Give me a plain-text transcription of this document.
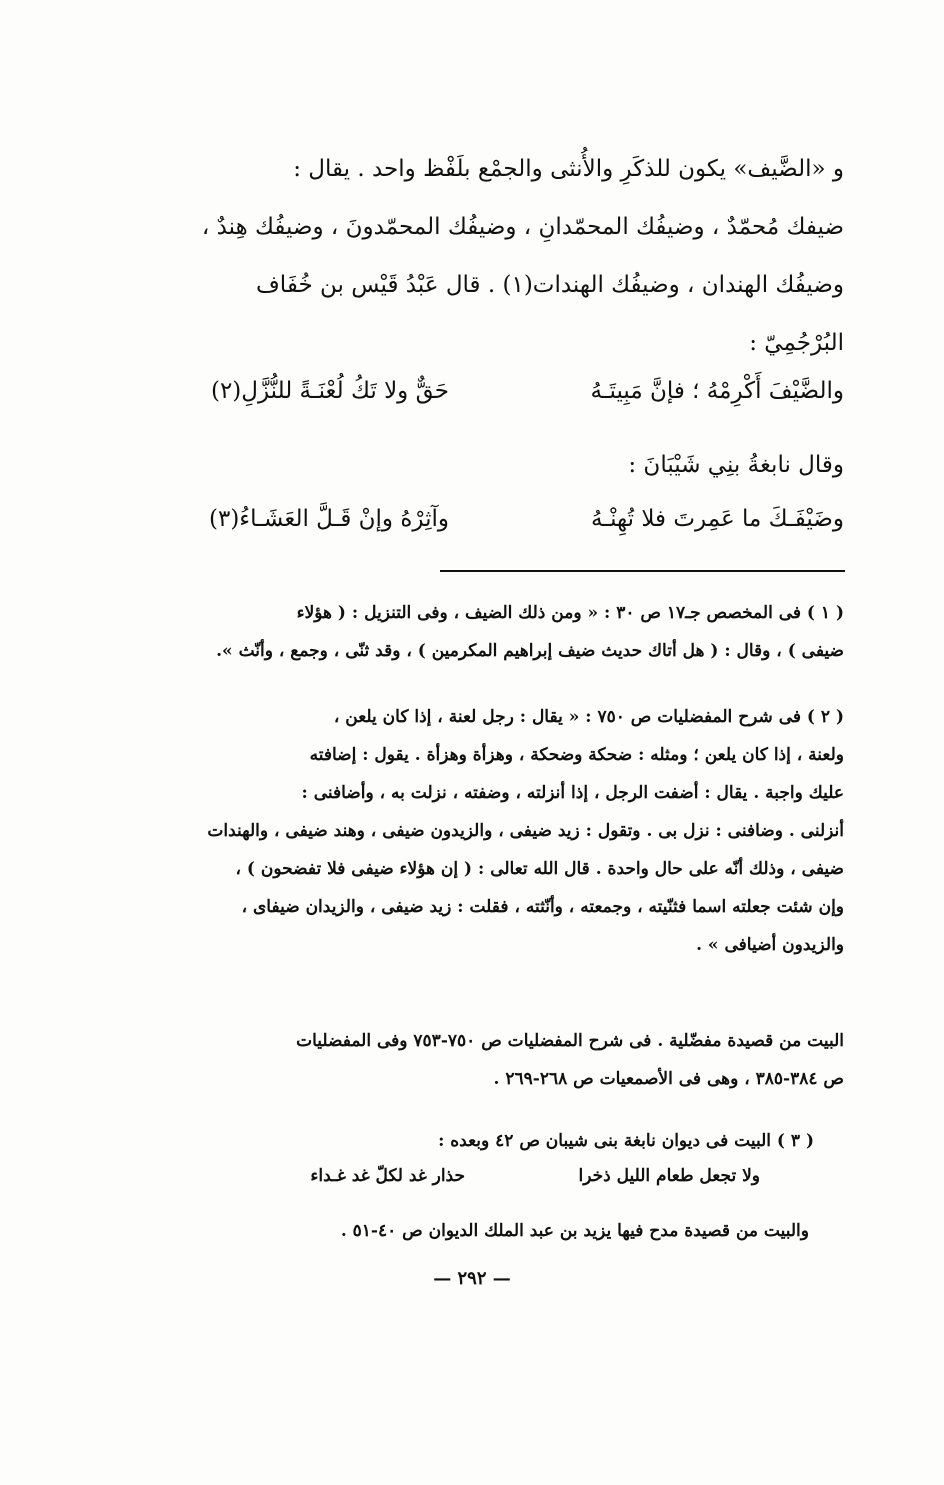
و «الضَّيف» يكون للذكَرِ والأُنثى والجمْع بلَفْظ واحد . يقال :

ضيفك مُحمّدٌ ، وضيفُك المحمّدانِ ، وضيفُك المحمّدونَ ، وضيفُك هِندٌ ،

وضيفُك الهندان ، وضيفُك الهندات(١) . قال عَبْدُ قَيْس بن خُفَاف

البُرْجُمِيّ :

والضَّيْفَ أَكْرِمْهُ ؛ فإنَّ مَبِيتَـهُ
حَقٌّ ولا تَكُ لُعْنَـةً للنُّزَّلِ(٢)
وقال نابغةُ بنِي شَيْبَانَ :
وضَيْفَـكَ ما عَمِرتَ فلا تُهِنْـهُ
وآثِرْهُ وإنْ قَـلَّ العَشَـاءُ(٣)

( ١ ) فى المخصص جـ١٧ ص ٣٠ : « ومن ذلك الضيف ، وفى التنزيل : ( هؤلاء

ضيفى ) ، وقال : ( هل أتاك حديث ضيف إبراهيم المكرمين ) ، وقد ثنّى ، وجمع ، وأنّث ».

( ٢ ) فى شرح المفضليات ص ٧٥٠ : « يقال : رجل لعنة ، إذا كان يلعن ،

ولعنة ، إذا كان يلعن ؛ ومثله : ضحكة وضحكة ، وهزأة وهزأة . يقول : إضافته

عليك واجبة . يقال : أضفت الرجل ، إذا أنزلته ، وضفته ، نزلت به ، وأضافنى :

أنزلنى . وضافنى : نزل بى . وتقول : زيد ضيفى ، والزيدون ضيفى ، وهند ضيفى ، والهندات

ضيفى ، وذلك أنّه على حال واحدة . قال الله تعالى : ( إن هؤلاء ضيفى فلا تفضحون ) ،

وإن شئت جعلته اسما فثنّيته ، وجمعته ، وأنّثته ، فقلت : زيد ضيفى ، والزيدان ضيفاى ،

والزيدون أضيافى » .

البيت من قصيدة مفضّلية . فى شرح المفضليات ص ٧٥٠-٧٥٣ وفى المفضليات

ص ٣٨٤-٣٨٥ ، وهى فى الأصمعيات ص ٢٦٨-٢٦٩ .

( ٣ ) البيت فى ديوان نابغة بنى شيبان ص ٤٢ وبعده :

ولا تجعل طعام الليل ذخرا
حذار غد لكلّ غد غـداء

والبيت من قصيدة مدح فيها يزيد بن عبد الملك الديوان ص ٤٠-٥١ .

— ٢٩٢ —
